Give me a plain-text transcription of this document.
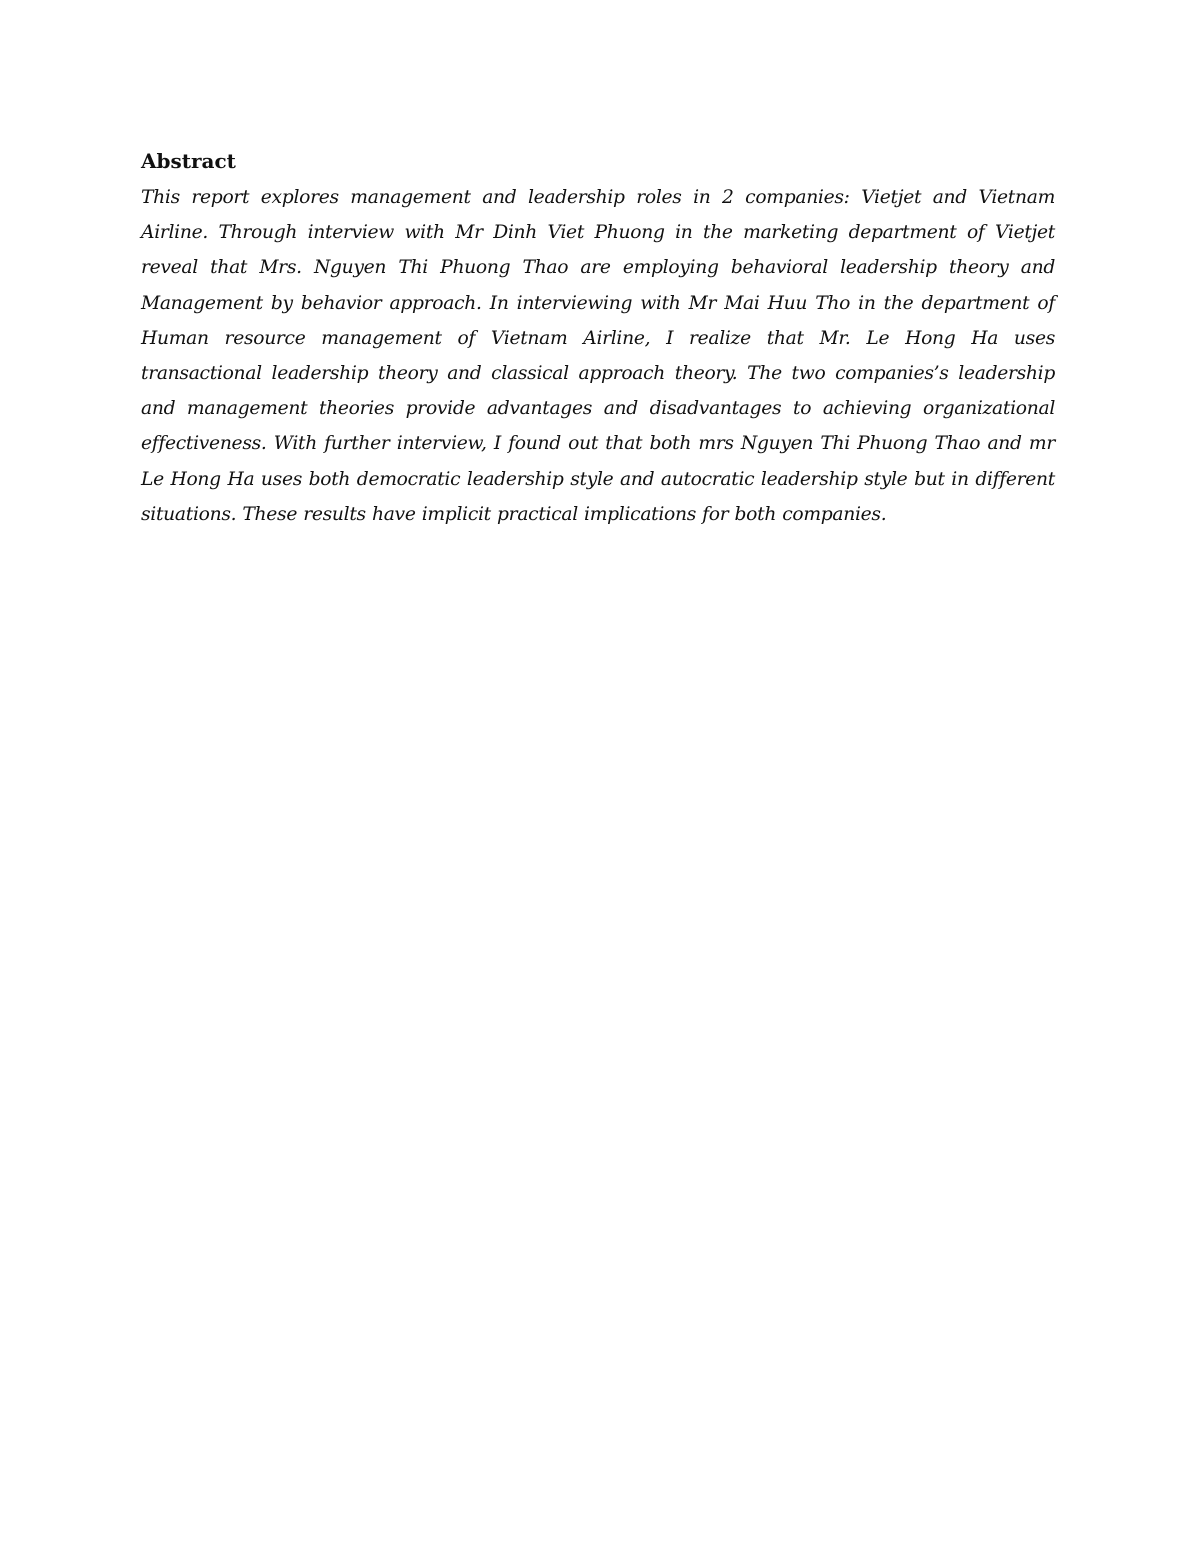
Abstract

This report explores management and leadership roles in 2 companies: Vietjet and Vietnam Airline. Through interview with Mr Dinh Viet Phuong in the marketing department of Vietjet reveal that Mrs. Nguyen Thi Phuong Thao are employing behavioral leadership theory and Management by behavior approach. In interviewing with Mr Mai Huu Tho in the department of Human resource management of Vietnam Airline, I realize that Mr. Le Hong Ha uses transactional leadership theory and classical approach theory. The two companies’s leadership and management theories provide advantages and disadvantages to achieving organizational effectiveness. With further interview, I found out that both mrs Nguyen Thi Phuong Thao and mr Le Hong Ha uses both democratic leadership style and autocratic leadership style but in different situations. These results have implicit practical implications for both companies.
